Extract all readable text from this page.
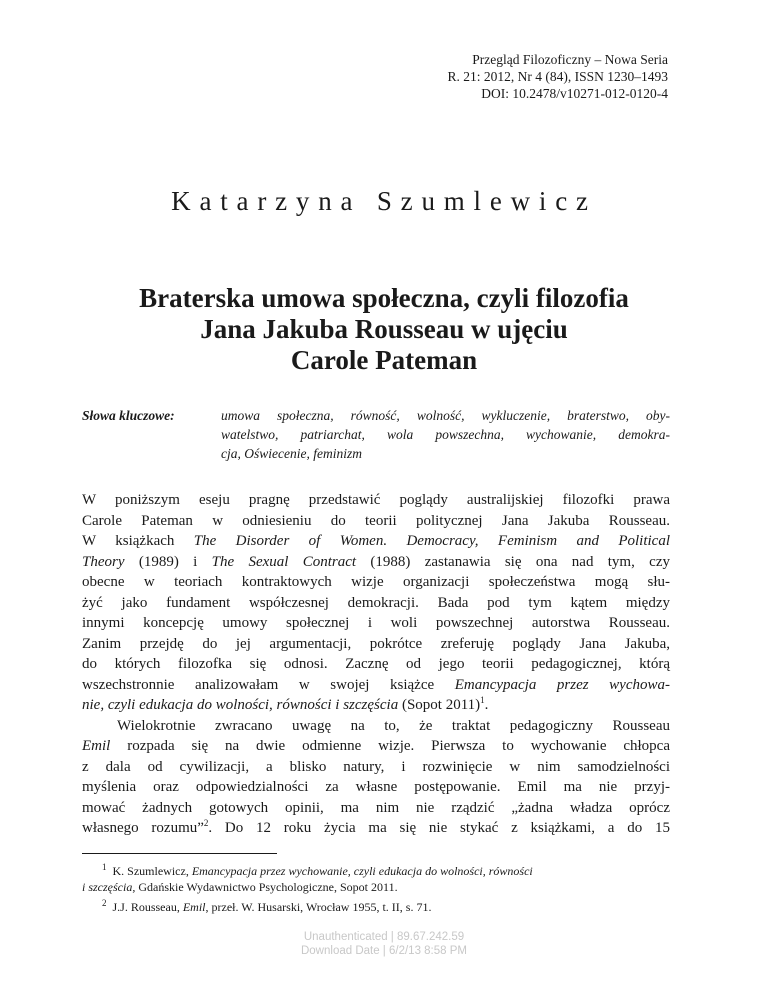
Przegląd Filozoficzny – Nowa Seria
R. 21: 2012, Nr 4 (84), ISSN 1230–1493
DOI: 10.2478/v10271-012-0120-4
Katarzyna Szumlewicz
Braterska umowa społeczna, czyli filozofia
Jana Jakuba Rousseau w ujęciu
Carole Pateman
Słowa kluczowe:	umowa społeczna, równość, wolność, wykluczenie, braterstwo, oby-
watelstwo, patriarchat, wola powszechna, wychowanie, demokra-
cja, Oświecenie, feminizm
W poniższym eseju pragnę przedstawić poglądy australijskiej filozofki prawa
Carole Pateman w odniesieniu do teorii politycznej Jana Jakuba Rousseau.
W książkach The Disorder of Women. Democracy, Feminism and Political
Theory (1989) i The Sexual Contract (1988) zastanawia się ona nad tym, czy
obecne w teoriach kontraktowych wizje organizacji społeczeństwa mogą słu-
żyć jako fundament współczesnej demokracji. Bada pod tym kątem między
innymi koncepcję umowy społecznej i woli powszechnej autorstwa Rousseau.
Zanim przejdę do jej argumentacji, pokrótce zreferuję poglądy Jana Jakuba,
do których filozofka się odnosi. Zacznę od jego teorii pedagogicznej, którą
wszechstronnie analizowałam w swojej książce Emancypacja przez wychowa-
nie, czyli edukacja do wolności, równości i szczęścia (Sopot 2011)$^1$.
Wielokrotnie zwracano uwagę na to, że traktat pedagogiczny Rousseau
Emil rozpada się na dwie odmienne wizje. Pierwsza to wychowanie chłopca
z dala od cywilizacji, a blisko natury, i rozwinięcie w nim samodzielności
myślenia oraz odpowiedzialności za własne postępowanie. Emil ma nie przyj-
mować żadnych gotowych opinii, ma nim nie rządzić „żadna władza oprócz
własnego rozumu”$^2$. Do 12 roku życia ma się nie stykać z książkami, a do 15
$^1$ K. Szumlewicz, Emancypacja przez wychowanie, czyli edukacja do wolności, równości
i szczęścia, Gdańskie Wydawnictwo Psychologiczne, Sopot 2011.
$^2$ J.J. Rousseau, Emil, przeł. W. Husarski, Wrocław 1955, t. II, s. 71.
Unauthenticated | 89.67.242.59
Download Date | 6/2/13 8:58 PM
